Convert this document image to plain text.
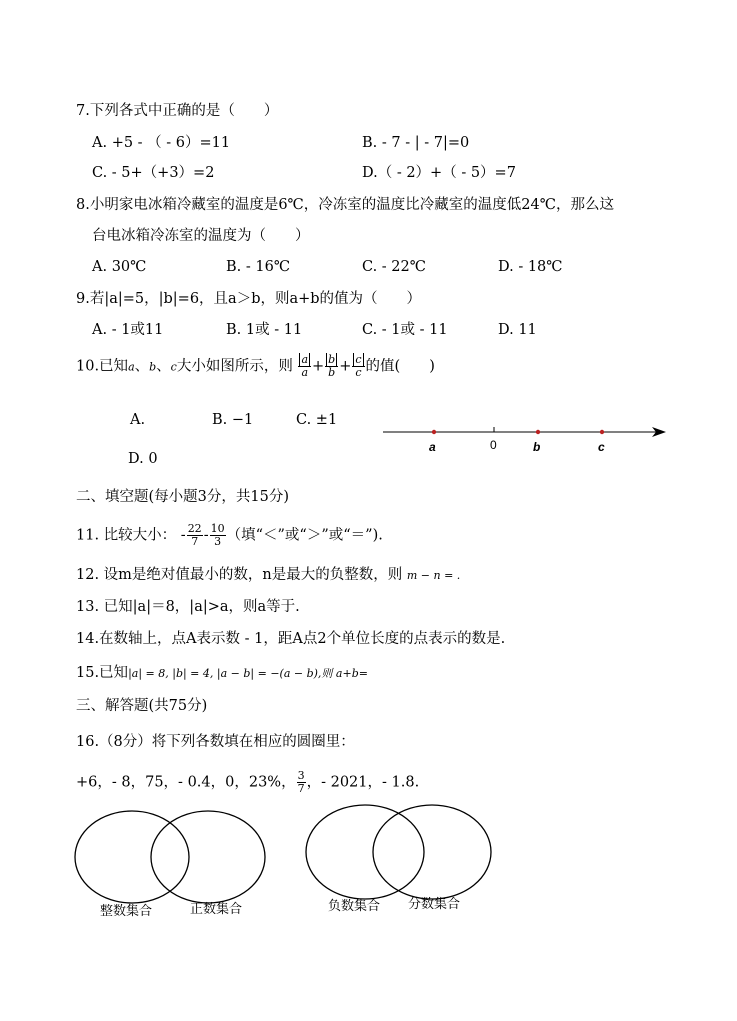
7.下列各式中正确的是（　　）
A. +5 - （ - 6）=11	B. - 7 - | - 7|=0
C. - 5+（+3）=2	D.（ - 2）+（ - 5）=7
8.小明家电冰箱冷藏室的温度是6℃，冷冻室的温度比冷藏室的温度低24℃，那么这
台电冰箱冷冻室的温度为（　　）
A. 30℃	B. - 16℃	C. - 22℃	D. - 18℃
9.若|a|=5，|b|=6，且a＞b，则a+b的值为（　　）
A. - 1或11	B. 1或 - 11	C. - 1或 - 11	D. 11
10.已知a、b、c大小如图所示，则 $\frac{a}{a} + \frac{b}{b} + \frac{c}{c}$ 的值(　　)
A.	B. −1	C. ±1
D. 0
a	0	b	c
二、填空题(每小题3分，共15分)
11. 比较大小： - $\frac{22}{7} - \frac{10}{3}$ （填“＜”或“＞”或“＝”).
12. 设m是绝对值最小的数，n是最大的负整数，则 m − n = .
13. 已知|a|＝8，|a|>a，则a等于.
14.在数轴上，点A表示数 - 1，距A点2个单位长度的点表示的数是.
15.已知|a| = 8, |b| = 4, |a − b| = −(a − b),则 a+b=
三、解答题(共75分)
16.（8分）将下列各数填在相应的圆圈里：
+6，- 8，75，- 0.4，0，23%， $\frac{3}{7}$ ，- 2021，- 1.8.
整数集合	正数集合	负数集合 分数集合
